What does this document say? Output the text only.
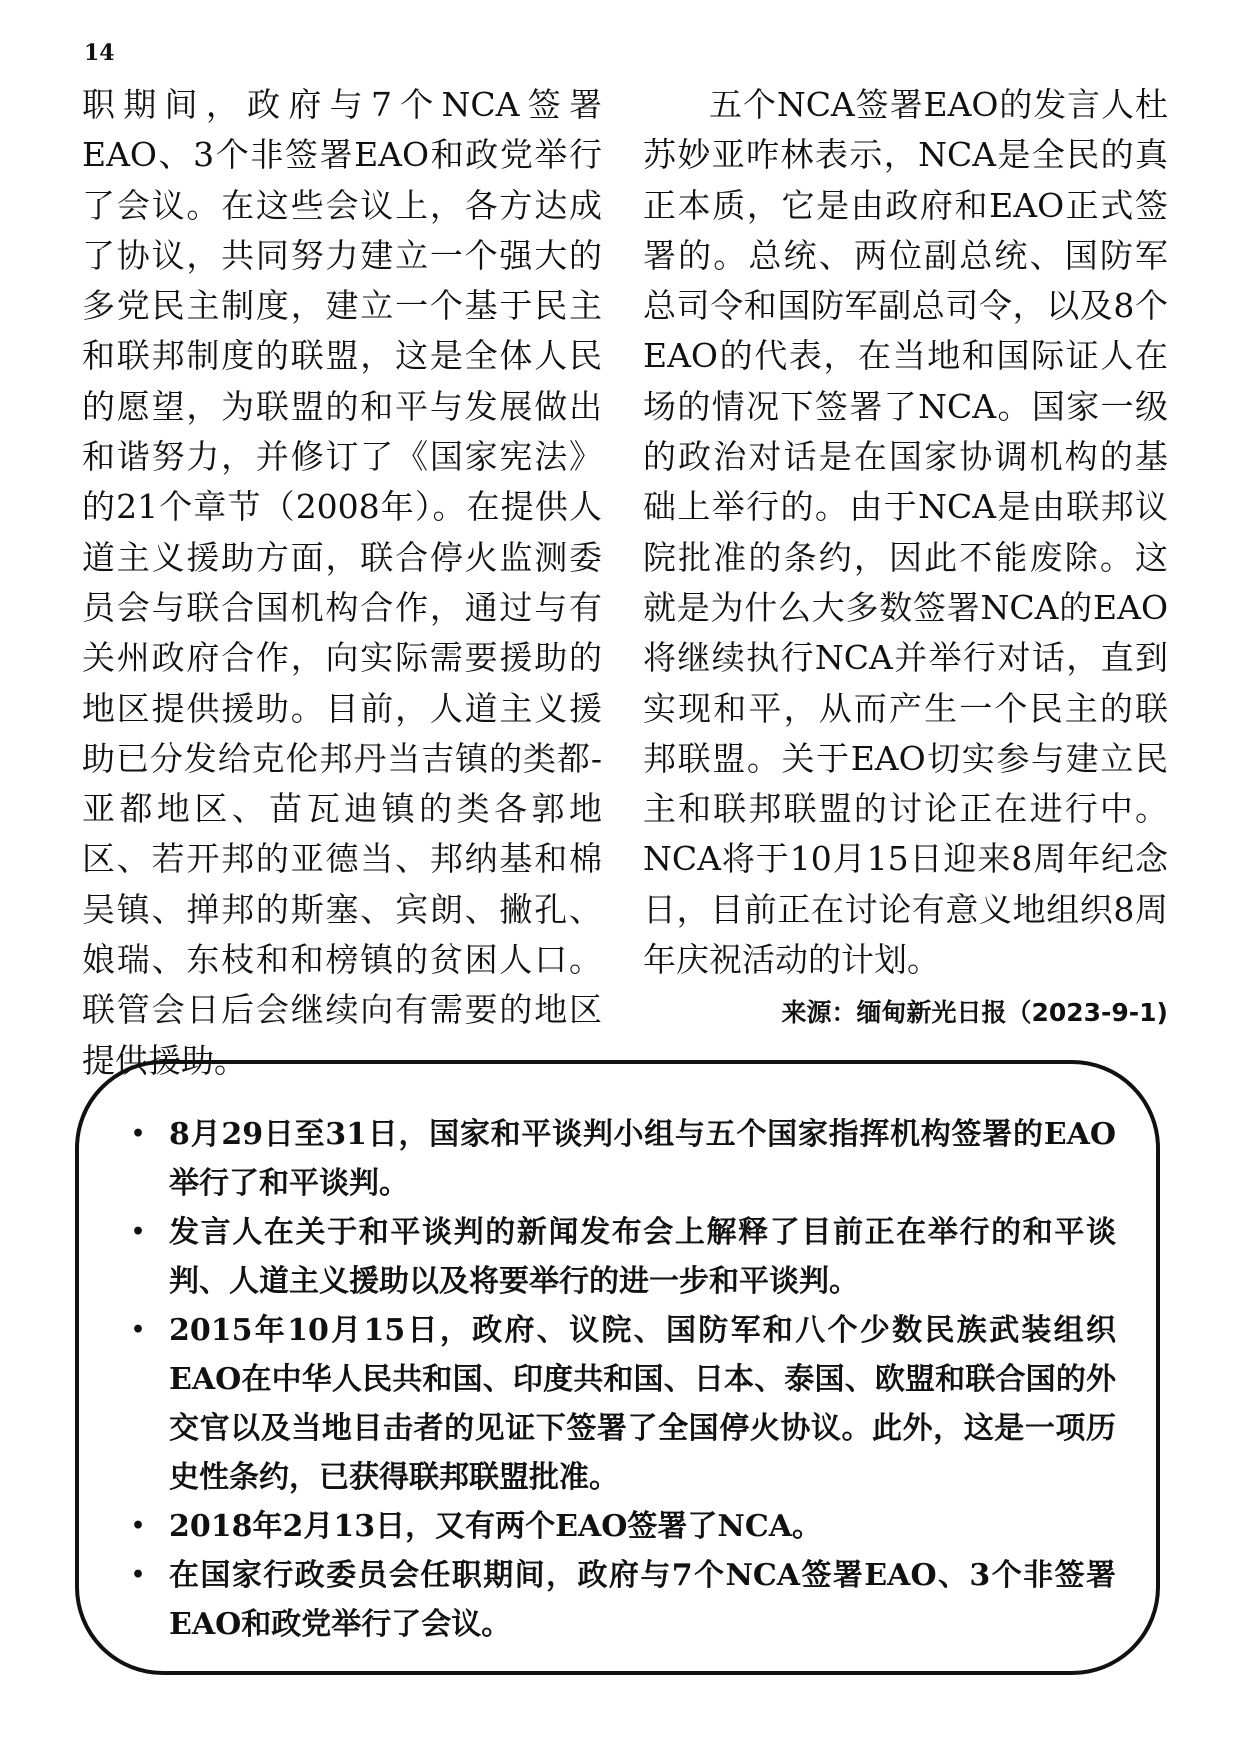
14

职期间，政府与7个NCA签署EAO、3个非签署EAO和政党举行了会议。在这些会议上，各方达成了协议，共同努力建立一个强大的多党民主制度，建立一个基于民主和联邦制度的联盟，这是全体人民的愿望，为联盟的和平与发展做出和谐努力，并修订了《国家宪法》的21个章节（2008年）。在提供人道主义援助方面，联合停火监测委员会与联合国机构合作，通过与有关州政府合作，向实际需要援助的地区提供援助。目前，人道主义援助已分发给克伦邦丹当吉镇的类都-亚都地区、苗瓦迪镇的类各郭地区、若开邦的亚德当、邦纳基和棉吴镇、掸邦的斯塞、宾朗、撇孔、娘瑞、东枝和和榜镇的贫困人口。联管会日后会继续向有需要的地区提供援助。

五个NCA签署EAO的发言人杜苏妙亚咋林表示，NCA是全民的真正本质，它是由政府和EAO正式签署的。总统、两位副总统、国防军总司令和国防军副总司令，以及8个EAO的代表，在当地和国际证人在场的情况下签署了NCA。国家一级的政治对话是在国家协调机构的基础上举行的。由于NCA是由联邦议院批准的条约，因此不能废除。这就是为什么大多数签署NCA的EAO将继续执行NCA并举行对话，直到实现和平，从而产生一个民主的联邦联盟。关于EAO切实参与建立民主和联邦联盟的讨论正在进行中。NCA将于10月15日迎来8周年纪念日，目前正在讨论有意义地组织8周年庆祝活动的计划。

来源：缅甸新光日报（2023-9-1)

• 8月29日至31日，国家和平谈判小组与五个国家指挥机构签署的EAO举行了和平谈判。
• 发言人在关于和平谈判的新闻发布会上解释了目前正在举行的和平谈判、人道主义援助以及将要举行的进一步和平谈判。
• 2015年10月15日，政府、议院、国防军和八个少数民族武装组织EAO在中华人民共和国、印度共和国、日本、泰国、欧盟和联合国的外交官以及当地目击者的见证下签署了全国停火协议。此外，这是一项历史性条约，已获得联邦联盟批准。
• 2018年2月13日，又有两个EAO签署了NCA。
• 在国家行政委员会任职期间，政府与7个NCA签署EAO、3个非签署EAO和政党举行了会议。
